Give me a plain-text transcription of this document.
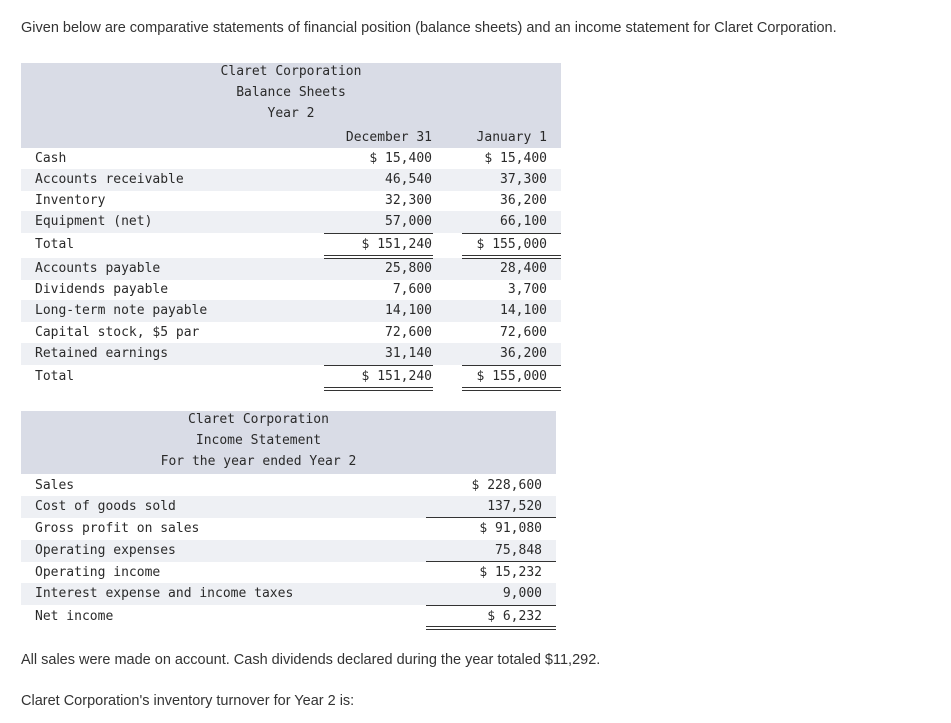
Given below are comparative statements of financial position (balance sheets) and an income statement for Claret Corporation.
Claret Corporation
Balance Sheets
Year 2
December 31	January 1
Cash	$ 15,400	$ 15,400
Accounts receivable	46,540	37,300
Inventory	32,300	36,200
Equipment (net)	57,000	66,100
Total	$ 151,240	$ 155,000
Accounts payable	25,800	28,400
Dividends payable	7,600	3,700
Long-term note payable	14,100	14,100
Capital stock, $5 par	72,600	72,600
Retained earnings	31,140	36,200
Total	$ 151,240	$ 155,000
Claret Corporation
Income Statement
For the year ended Year 2
Sales	$ 228,600
Cost of goods sold	137,520
Gross profit on sales	$ 91,080
Operating expenses	75,848
Operating income	$ 15,232
Interest expense and income taxes	9,000
Net income	$ 6,232
All sales were made on account. Cash dividends declared during the year totaled $11,292.
Claret Corporation's inventory turnover for Year 2 is:
